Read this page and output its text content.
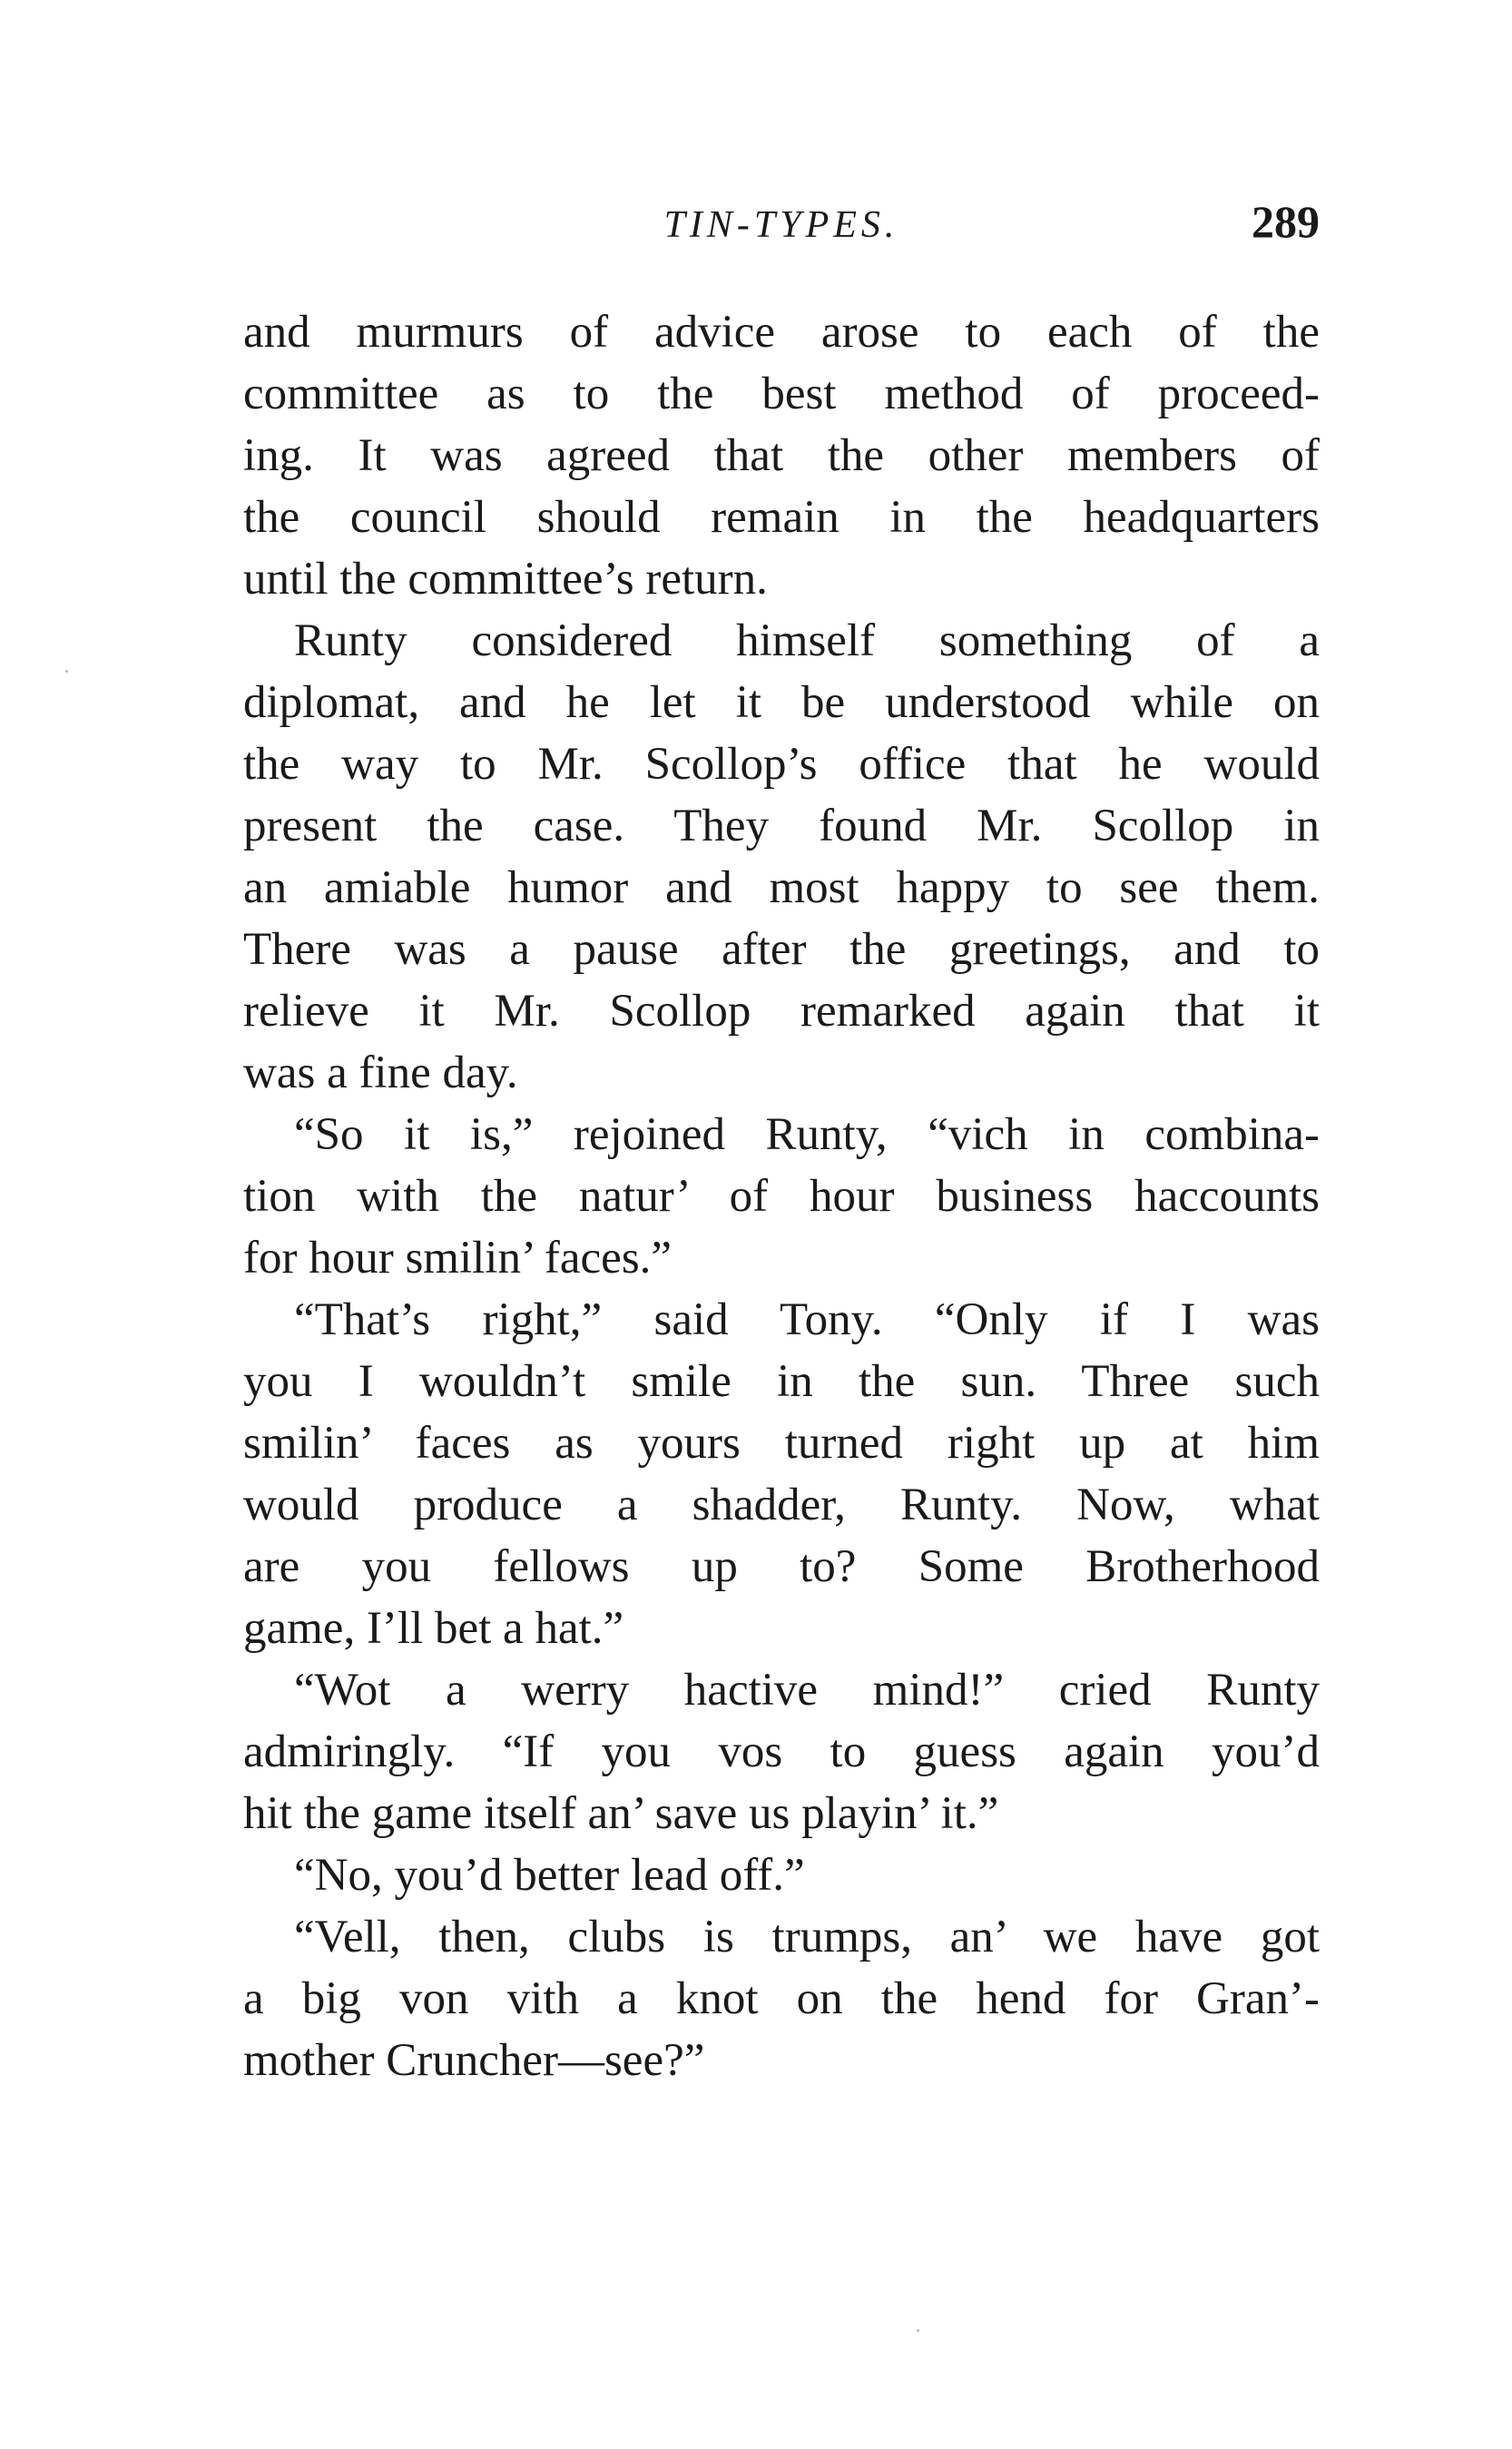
TIN-TYPES.	289
and murmurs of advice arose to each of the
committee as to the best method of proceed-
ing. It was agreed that the other members of
the council should remain in the headquarters
until the committee’s return.
Runty considered himself something of a
diplomat, and he let it be understood while on
the way to Mr. Scollop’s office that he would
present the case. They found Mr. Scollop in
an amiable humor and most happy to see them.
There was a pause after the greetings, and to
relieve it Mr. Scollop remarked again that it
was a fine day.
“So it is,” rejoined Runty, “vich in combina-
tion with the natur’ of hour business haccounts
for hour smilin’ faces.”
“That’s right,” said Tony. “Only if I was
you I wouldn’t smile in the sun. Three such
smilin’ faces as yours turned right up at him
would produce a shadder, Runty. Now, what
are you fellows up to? Some Brotherhood
game, I’ll bet a hat.”
“Wot a werry hactive mind!” cried Runty
admiringly. “If you vos to guess again you’d
hit the game itself an’ save us playin’ it.”
“No, you’d better lead off.”
“Vell, then, clubs is trumps, an’ we have got
a big von vith a knot on the hend for Gran’-
mother Cruncher—see?”
